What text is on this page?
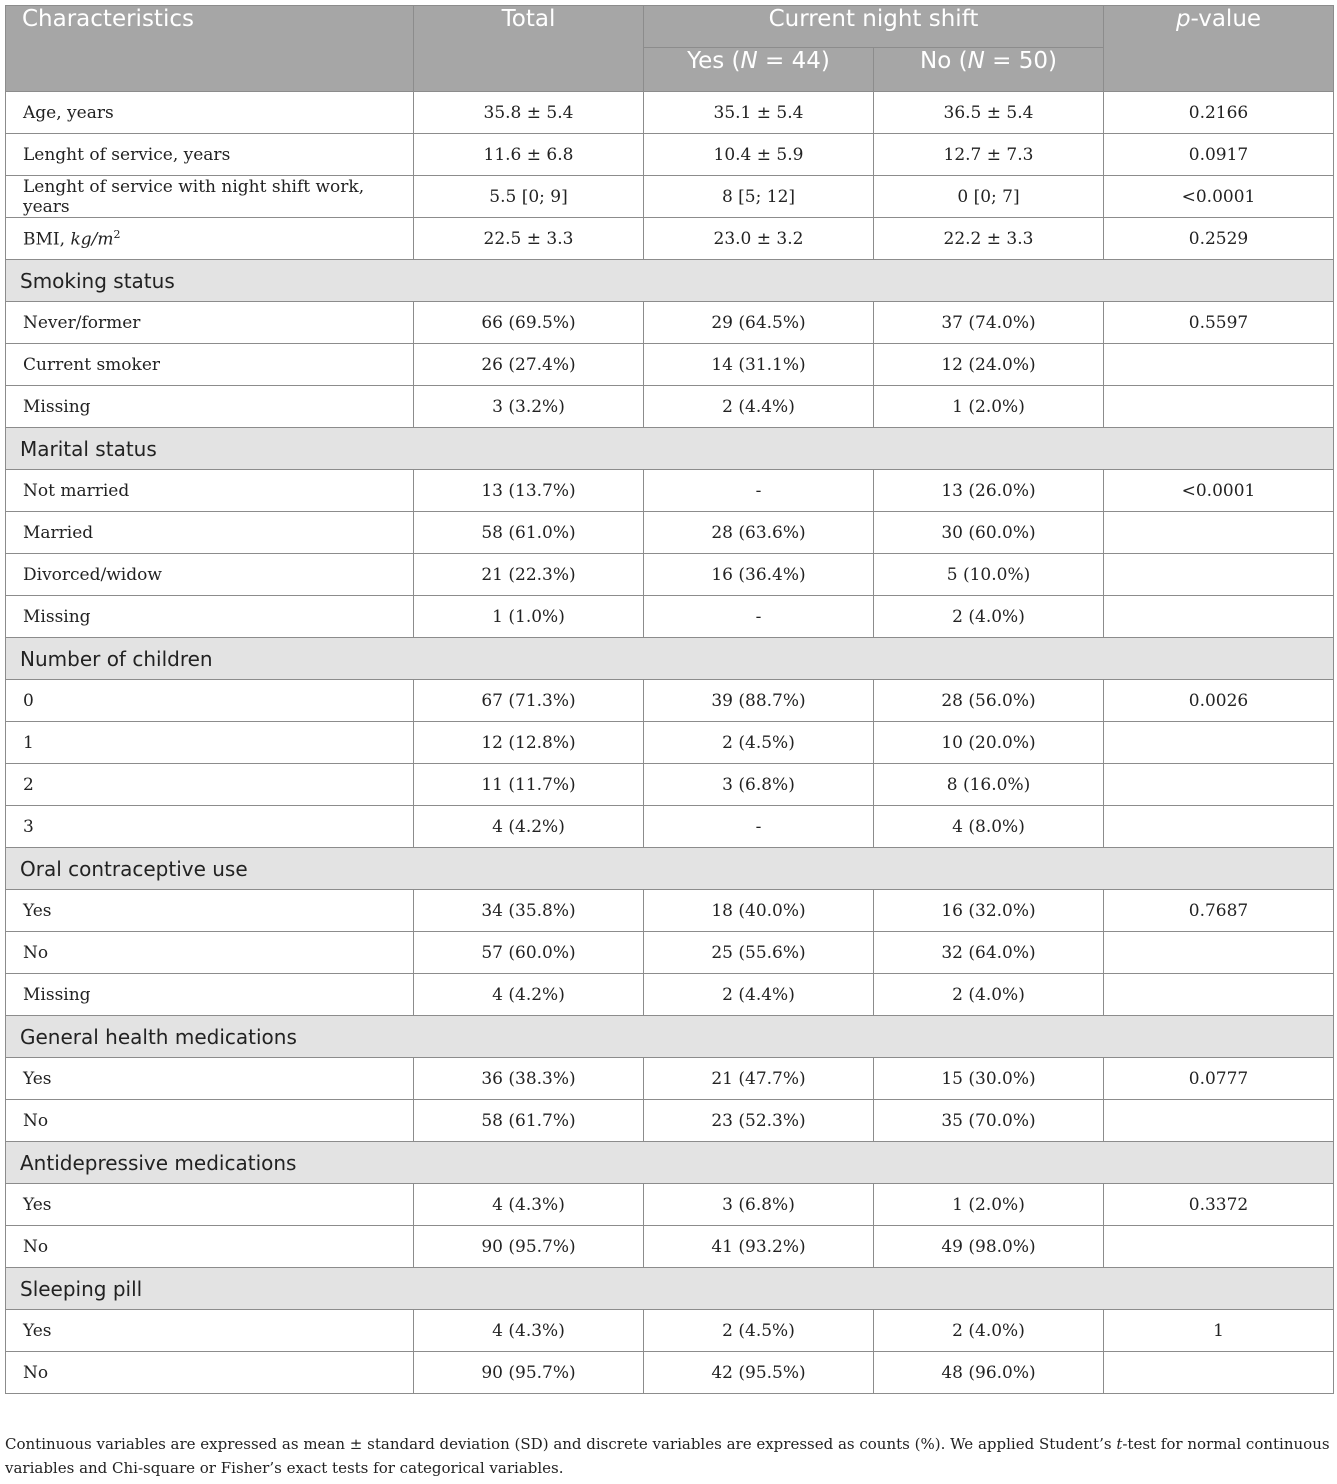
Characteristics	Total	Current night shift		p-value
		Yes (N = 44)	No (N = 50)	
Age, years	35.8 ± 5.4	35.1 ± 5.4	36.5 ± 5.4	0.2166
Lenght of service, years	11.6 ± 6.8	10.4 ± 5.9	12.7 ± 7.3	0.0917
Lenght of service with night shift work, years	5.5 [0; 9]	8 [5; 12]	0 [0; 7]	<0.0001
BMI, $kg/m^2$	22.5 ± 3.3	23.0 ± 3.2	22.2 ± 3.3	0.2529
Smoking status				
Never/former	66 (69.5%)	29 (64.5%)	37 (74.0%)	0.5597
Current smoker	26 (27.4%)	14 (31.1%)	12 (24.0%)	
Missing	3 (3.2%)	2 (4.4%)	1 (2.0%)	
Marital status				
Not married	13 (13.7%)	-	13 (26.0%)	<0.0001
Married	58 (61.0%)	28 (63.6%)	30 (60.0%)	
Divorced/widow	21 (22.3%)	16 (36.4%)	5 (10.0%)	
Missing	1 (1.0%)	-	2 (4.0%)	
Number of children				
0	67 (71.3%)	39 (88.7%)	28 (56.0%)	0.0026
1	12 (12.8%)	2 (4.5%)	10 (20.0%)	
2	11 (11.7%)	3 (6.8%)	8 (16.0%)	
3	4 (4.2%)	-	4 (8.0%)	
Oral contraceptive use				
Yes	34 (35.8%)	18 (40.0%)	16 (32.0%)	0.7687
No	57 (60.0%)	25 (55.6%)	32 (64.0%)	
Missing	4 (4.2%)	2 (4.4%)	2 (4.0%)	
General health medications				
Yes	36 (38.3%)	21 (47.7%)	15 (30.0%)	0.0777
No	58 (61.7%)	23 (52.3%)	35 (70.0%)	
Antidepressive medications				
Yes	4 (4.3%)	3 (6.8%)	1 (2.0%)	0.3372
No	90 (95.7%)	41 (93.2%)	49 (98.0%)	
Sleeping pill				
Yes	4 (4.3%)	2 (4.5%)	2 (4.0%)	1
No	90 (95.7%)	42 (95.5%)	48 (96.0%)	
Continuous variables are expressed as mean ± standard deviation (SD) and discrete variables are expressed as counts (%). We applied Student’s t-test for normal continuous variables and Chi-square or Fisher’s exact tests for categorical variables.
